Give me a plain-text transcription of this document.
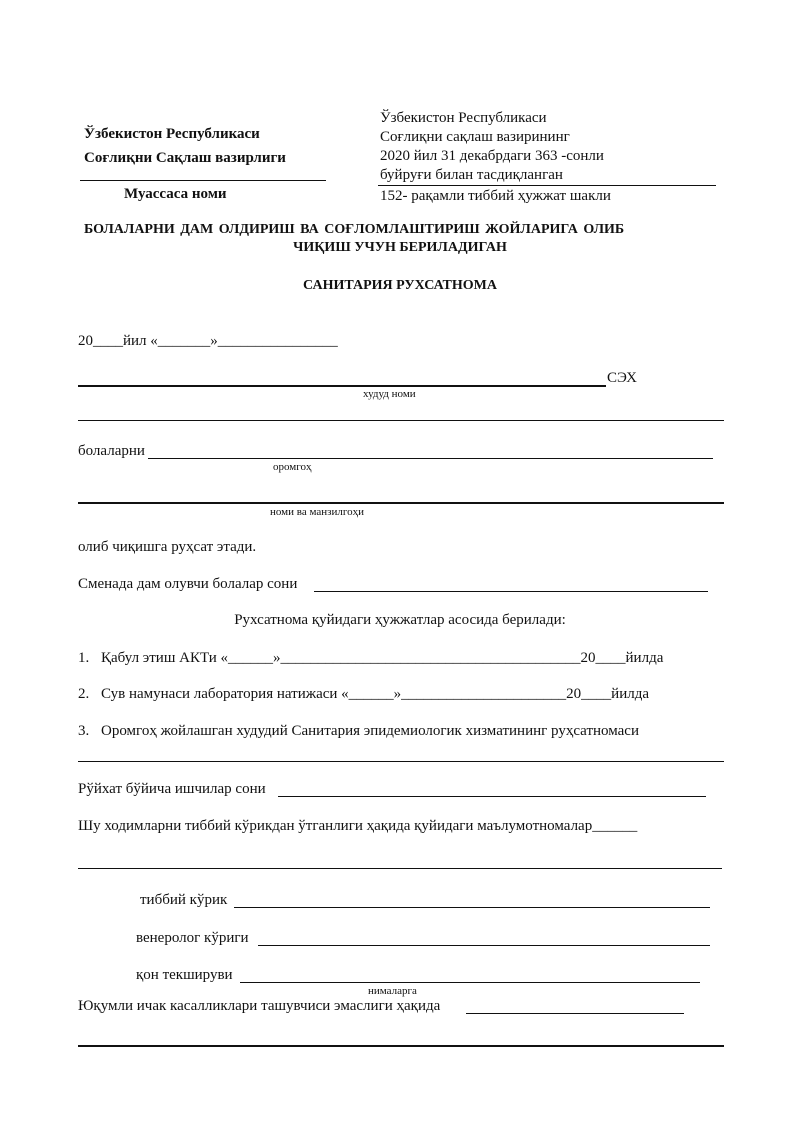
Ўзбекистон Республикаси
Соғлиқни Сақлаш вазирлиги
Муассаса номи
Ўзбекистон Республикаси
Соғлиқни сақлаш вазирининг
2020 йил 31 декабрдаги 363 -сонли
буйруғи билан тасдиқланган
152- рақамли тиббий ҳужжат шакли
БОЛАЛАРНИ ДАМ ОЛДИРИШ ВА СОҒЛОМЛАШТИРИШ ЖОЙЛАРИГА ОЛИБ
ЧИҚИШ УЧУН БЕРИЛАДИГАН
САНИТАРИЯ РУХСАТНОМА
20____йил «_______»________________
СЭХ
худуд номи
болаларни
оромгоҳ
номи ва манзилгоҳи
олиб чиқишга руҳсат этади.
Сменада дам олувчи болалар сони
Рухсатнома қуйидаги ҳужжатлар асосида берилади:
1. Қабул этиш АКТи «______»________________________________________20____йилда
2. Сув намунаси лаборатория натижаси «______»______________________20____йилда
3. Оромгоҳ жойлашган худудий Санитария эпидемиологик хизматининг руҳсатномаси
Рўйхат бўйича ишчилар сони
Шу ходимларни тиббий кўрикдан ўтганлиги ҳақида қуйидаги маълумотномалар______
тиббий кўрик
венеролог кўриги
қон текшируви
нималарга
Юқумли ичак касалликлари ташувчиси эмаслиги ҳақида
